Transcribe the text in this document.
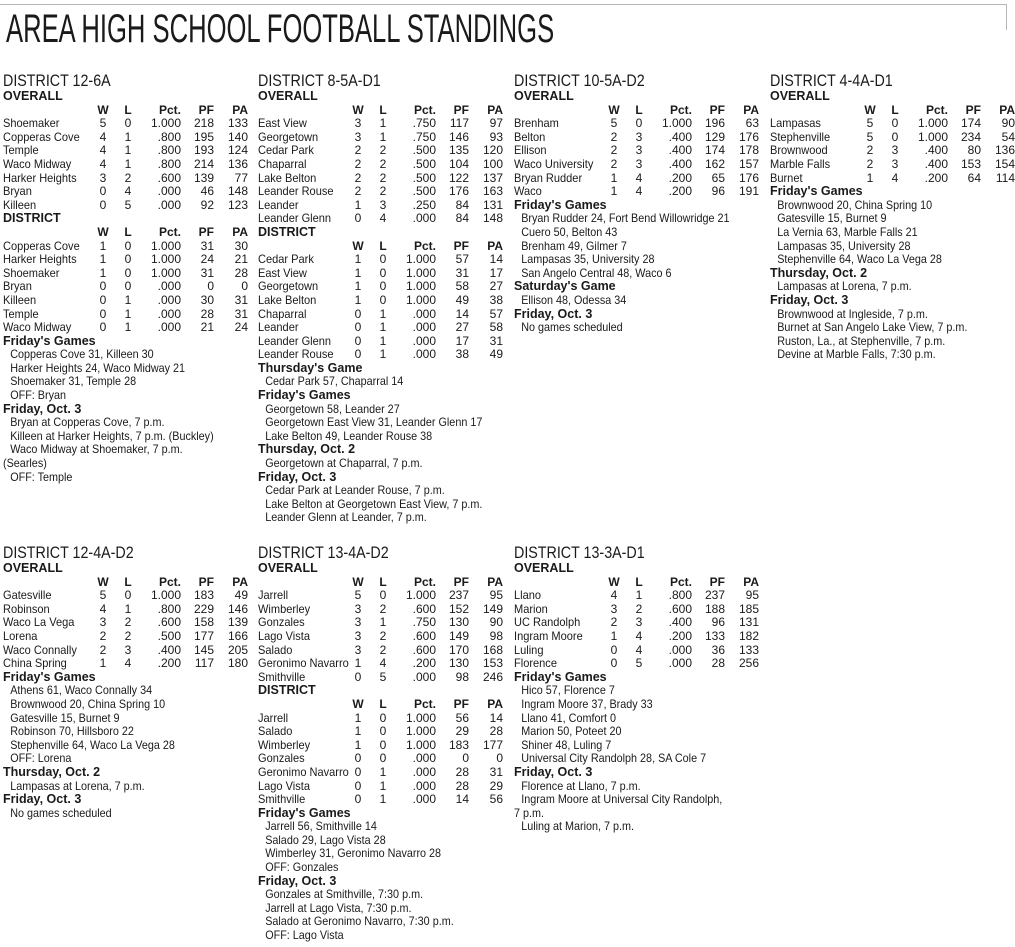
AREA HIGH SCHOOL FOOTBALL STANDINGS
DISTRICT 12-6A
OVERALL
W	L	Pct.	PF	PA
Shoemaker	5	0	1.000	218	133
Copperas Cove	4	1	.800	195	140
Temple	4	1	.800	193	124
Waco Midway	4	1	.800	214	136
Harker Heights	3	2	.600	139	77
Bryan	0	4	.000	46	148
Killeen	0	5	.000	92	123
DISTRICT
W	L	Pct.	PF	PA
Copperas Cove	1	0	1.000	31	30
Harker Heights	1	0	1.000	24	21
Shoemaker	1	0	1.000	31	28
Bryan	0	0	.000	0	0
Killeen	0	1	.000	30	31
Temple	0	1	.000	28	31
Waco Midway	0	1	.000	21	24
Friday's Games
Copperas Cove 31, Killeen 30
Harker Heights 24, Waco Midway 21
Shoemaker 31, Temple 28
OFF: Bryan
Friday, Oct. 3
Bryan at Copperas Cove, 7 p.m.
Killeen at Harker Heights, 7 p.m. (Buckley)
Waco Midway at Shoemaker, 7 p.m.
(Searles)
OFF: Temple
DISTRICT 8-5A-D1
OVERALL
W	L	Pct.	PF	PA
East View	3	1	.750	117	97
Georgetown	3	1	.750	146	93
Cedar Park	2	2	.500	135	120
Chaparral	2	2	.500	104	100
Lake Belton	2	2	.500	122	137
Leander Rouse	2	2	.500	176	163
Leander	1	3	.250	84	131
Leander Glenn	0	4	.000	84	148
DISTRICT
W	L	Pct.	PF	PA
Cedar Park	1	0	1.000	57	14
East View	1	0	1.000	31	17
Georgetown	1	0	1.000	58	27
Lake Belton	1	0	1.000	49	38
Chaparral	0	1	.000	14	57
Leander	0	1	.000	27	58
Leander Glenn	0	1	.000	17	31
Leander Rouse	0	1	.000	38	49
Thursday's Game
Cedar Park 57, Chaparral 14
Friday's Games
Georgetown 58, Leander 27
Georgetown East View 31, Leander Glenn 17
Lake Belton 49, Leander Rouse 38
Thursday, Oct. 2
Georgetown at Chaparral, 7 p.m.
Friday, Oct. 3
Cedar Park at Leander Rouse, 7 p.m.
Lake Belton at Georgetown East View, 7 p.m.
Leander Glenn at Leander, 7 p.m.
DISTRICT 10-5A-D2
OVERALL
W	L	Pct.	PF	PA
Brenham	5	0	1.000	196	63
Belton	2	3	.400	129	176
Ellison	2	3	.400	174	178
Waco University	2	3	.400	162	157
Bryan Rudder	1	4	.200	65	176
Waco	1	4	.200	96	191
Friday's Games
Bryan Rudder 24, Fort Bend Willowridge 21
Cuero 50, Belton 43
Brenham 49, Gilmer 7
Lampasas 35, University 28
San Angelo Central 48, Waco 6
Saturday's Game
Ellison 48, Odessa 34
Friday, Oct. 3
No games scheduled
DISTRICT 4-4A-D1
OVERALL
W	L	Pct.	PF	PA
Lampasas	5	0	1.000	174	90
Stephenville	5	0	1.000	234	54
Brownwood	2	3	.400	80	136
Marble Falls	2	3	.400	153	154
Burnet	1	4	.200	64	114
Friday's Games
Brownwood 20, China Spring 10
Gatesville 15, Burnet 9
La Vernia 63, Marble Falls 21
Lampasas 35, University 28
Stephenville 64, Waco La Vega 28
Thursday, Oct. 2
Lampasas at Lorena, 7 p.m.
Friday, Oct. 3
Brownwood at Ingleside, 7 p.m.
Burnet at San Angelo Lake View, 7 p.m.
Ruston, La., at Stephenville, 7 p.m.
Devine at Marble Falls, 7:30 p.m.
DISTRICT 12-4A-D2
OVERALL
W	L	Pct.	PF	PA
Gatesville	5	0	1.000	183	49
Robinson	4	1	.800	229	146
Waco La Vega	3	2	.600	158	139
Lorena	2	2	.500	177	166
Waco Connally	2	3	.400	145	205
China Spring	1	4	.200	117	180
Friday's Games
Athens 61, Waco Connally 34
Brownwood 20, China Spring 10
Gatesville 15, Burnet 9
Robinson 70, Hillsboro 22
Stephenville 64, Waco La Vega 28
OFF: Lorena
Thursday, Oct. 2
Lampasas at Lorena, 7 p.m.
Friday, Oct. 3
No games scheduled
DISTRICT 13-4A-D2
OVERALL
W	L	Pct.	PF	PA
Jarrell	5	0	1.000	237	95
Wimberley	3	2	.600	152	149
Gonzales	3	1	.750	130	90
Lago Vista	3	2	.600	149	98
Salado	3	2	.600	170	168
Geronimo Navarro 1	4	.200	130	153
Smithville	0	5	.000	98	246
DISTRICT
W	L	Pct.	PF	PA
Jarrell	1	0	1.000	56	14
Salado	1	0	1.000	29	28
Wimberley	1	0	1.000	183	177
Gonzales	0	0	.000	0	0
Geronimo Navarro 0	1	.000	28	31
Lago Vista	0	1	.000	28	29
Smithville	0	1	.000	14	56
Friday's Games
Jarrell 56, Smithville 14
Salado 29, Lago Vista 28
Wimberley 31, Geronimo Navarro 28
OFF: Gonzales
Friday, Oct. 3
Gonzales at Smithville, 7:30 p.m.
Jarrell at Lago Vista, 7:30 p.m.
Salado at Geronimo Navarro, 7:30 p.m.
OFF: Lago Vista
DISTRICT 13-3A-D1
OVERALL
W	L	Pct.	PF	PA
Llano	4	1	.800	237	95
Marion	3	2	.600	188	185
UC Randolph	2	3	.400	96	131
Ingram Moore	1	4	.200	133	182
Luling	0	4	.000	36	133
Florence	0	5	.000	28	256
Friday's Games
Hico 57, Florence 7
Ingram Moore 37, Brady 33
Llano 41, Comfort 0
Marion 50, Poteet 20
Shiner 48, Luling 7
Universal City Randolph 28, SA Cole 7
Friday, Oct. 3
Florence at Llano, 7 p.m.
Ingram Moore at Universal City Randolph,
7 p.m.
Luling at Marion, 7 p.m.
